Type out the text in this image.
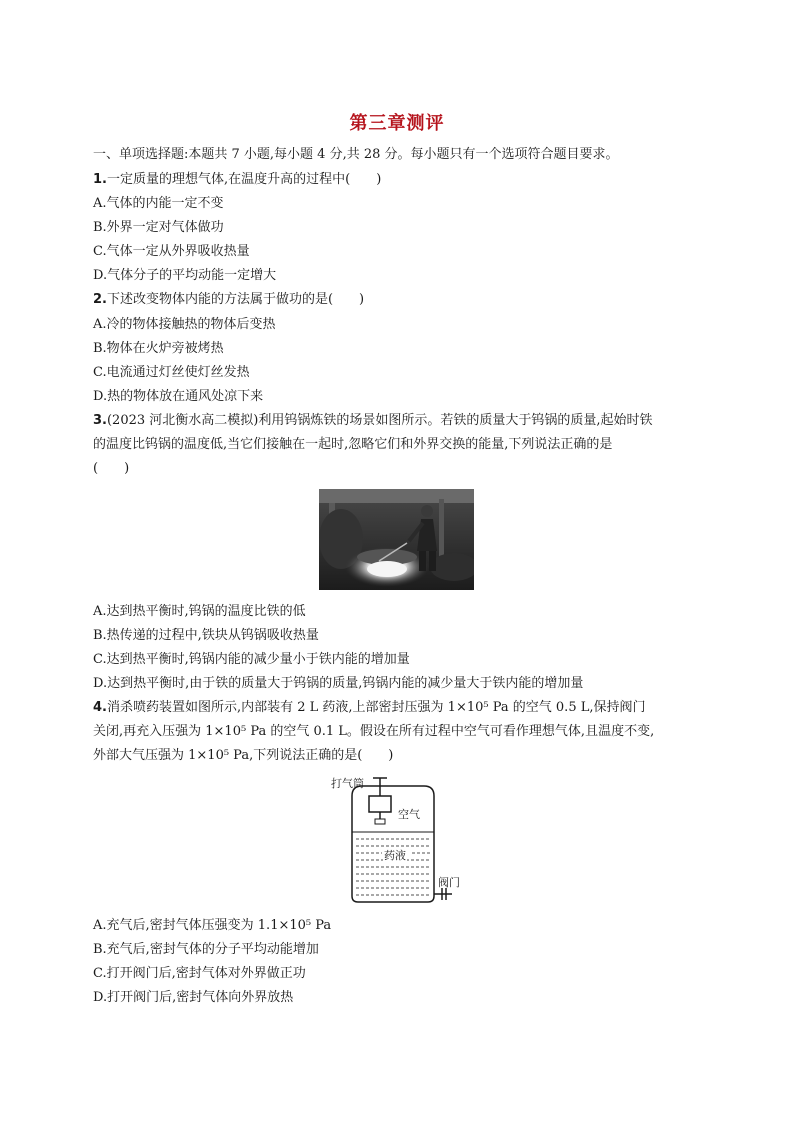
第三章测评
一、单项选择题:本题共 7 小题,每小题 4 分,共 28 分。每小题只有一个选项符合题目要求。
1.一定质量的理想气体,在温度升高的过程中(　　)
A.气体的内能一定不变
B.外界一定对气体做功
C.气体一定从外界吸收热量
D.气体分子的平均动能一定增大
2.下述改变物体内能的方法属于做功的是(　　)
A.冷的物体接触热的物体后变热
B.物体在火炉旁被烤热
C.电流通过灯丝使灯丝发热
D.热的物体放在通风处凉下来
3.(2023 河北衡水高二模拟)利用钨锅炼铁的场景如图所示。若铁的质量大于钨锅的质量,起始时铁
的温度比钨锅的温度低,当它们接触在一起时,忽略它们和外界交换的能量,下列说法正确的是
(　　)
A.达到热平衡时,钨锅的温度比铁的低
B.热传递的过程中,铁块从钨锅吸收热量
C.达到热平衡时,钨锅内能的减少量小于铁内能的增加量
D.达到热平衡时,由于铁的质量大于钨锅的质量,钨锅内能的减少量大于铁内能的增加量
4.消杀喷药装置如图所示,内部装有 2 L 药液,上部密封压强为 1×10⁵ Pa 的空气 0.5 L,保持阀门
关闭,再充入压强为 1×10⁵ Pa 的空气 0.1 L。假设在所有过程中空气可看作理想气体,且温度不变,
外部大气压强为 1×10⁵ Pa,下列说法正确的是(　　)
打气筒
空气
药液
阀门
A.充气后,密封气体压强变为 1.1×10⁵ Pa
B.充气后,密封气体的分子平均动能增加
C.打开阀门后,密封气体对外界做正功
D.打开阀门后,密封气体向外界放热
